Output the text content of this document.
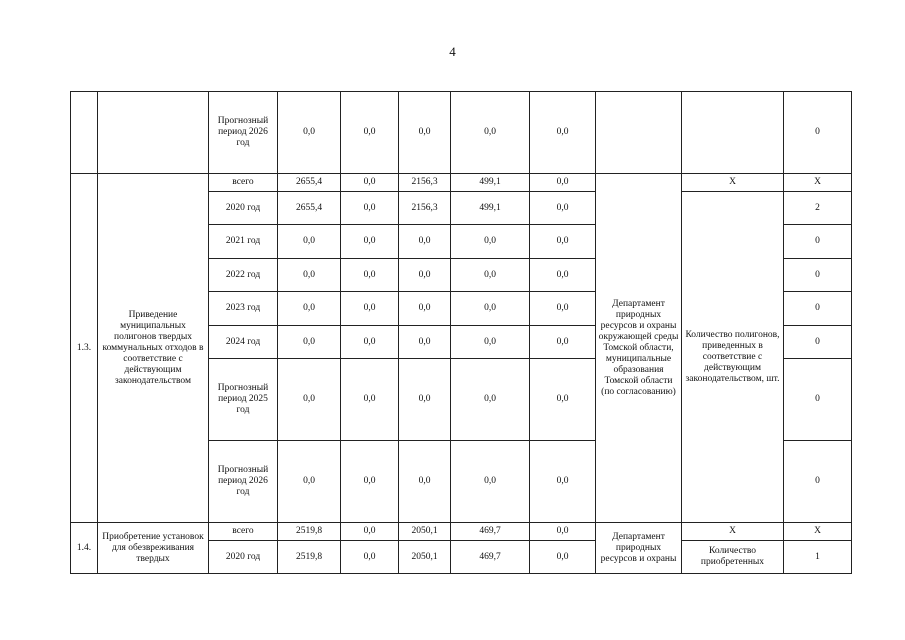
4
		Прогнозный период 2026 год	0,0	0,0	0,0	0,0	0,0			0
1.3.	Приведение муниципальных полигонов твердых коммунальных отходов в соответствие с действующим законодательством	всего	2655,4	0,0	2156,3	499,1	0,0	Департамент природных ресурсов и охраны окружающей среды Томской области, муниципальные образования Томской области (по согласованию)	Х	Х
		2020 год	2655,4	0,0	2156,3	499,1	0,0		Количество полигонов, приведенных в соответствие с действующим законодательством, шт.	2
		2021 год	0,0	0,0	0,0	0,0	0,0			0
		2022 год	0,0	0,0	0,0	0,0	0,0			0
		2023 год	0,0	0,0	0,0	0,0	0,0			0
		2024 год	0,0	0,0	0,0	0,0	0,0			0
		Прогнозный период 2025 год	0,0	0,0	0,0	0,0	0,0			0
		Прогнозный период 2026 год	0,0	0,0	0,0	0,0	0,0			0
1.4.	Приобретение установок для обезвреживания твердых	всего	2519,8	0,0	2050,1	469,7	0,0	Департамент природных ресурсов и охраны	Х	Х
		2020 год	2519,8	0,0	2050,1	469,7	0,0		Количество приобретенных	1
